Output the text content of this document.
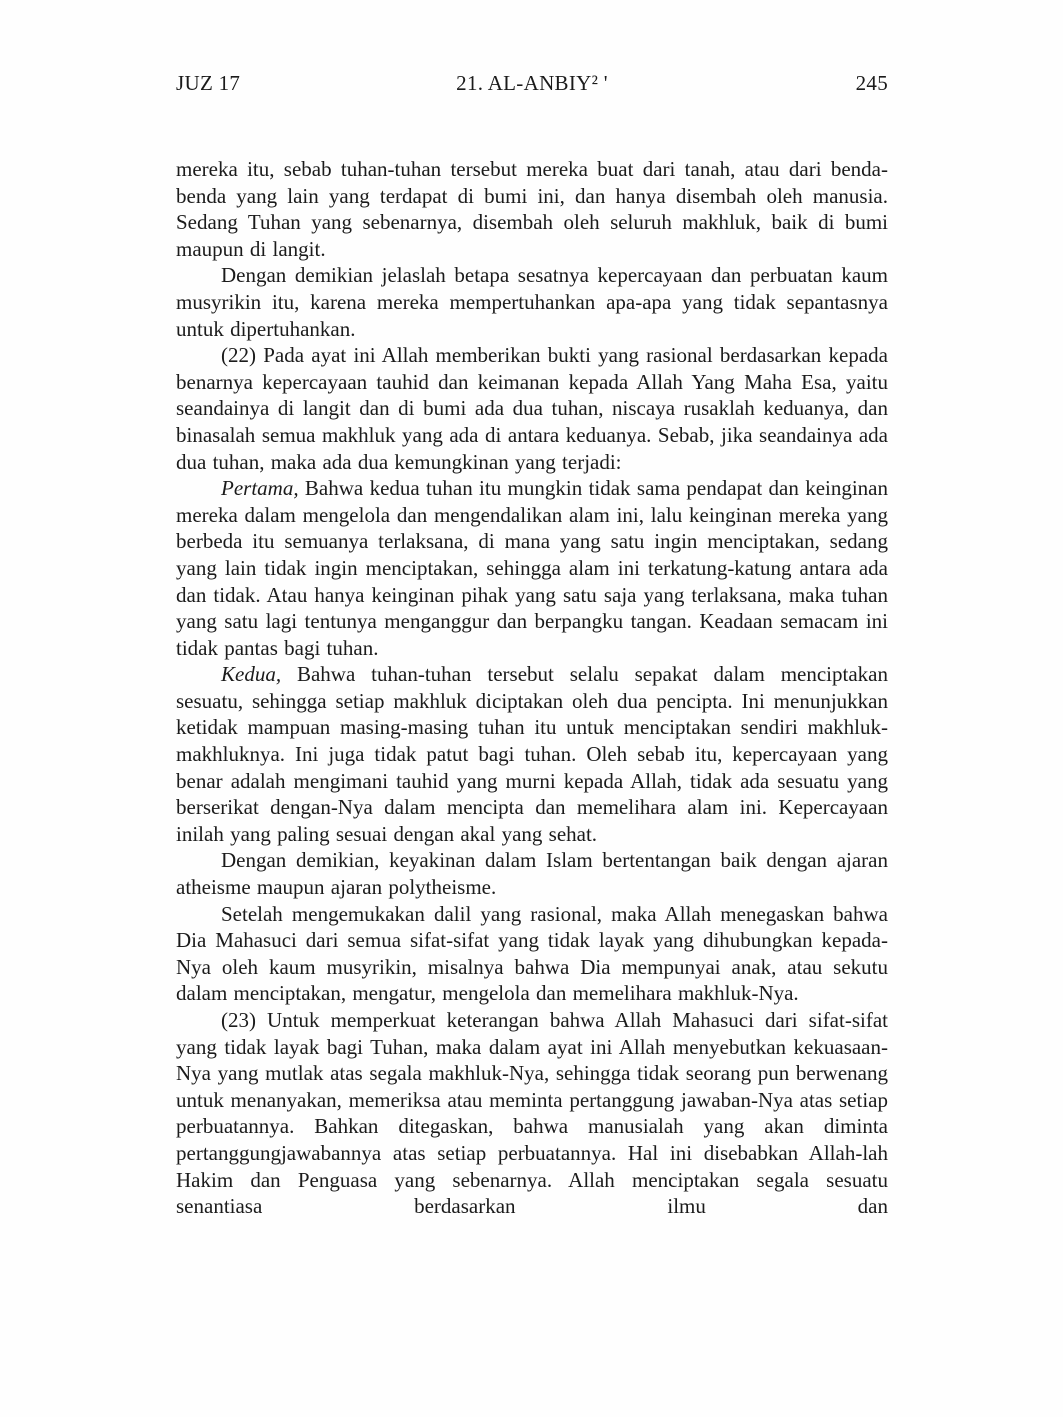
JUZ 17	21. AL-ANBIY² '	245

mereka itu, sebab tuhan-tuhan tersebut mereka buat dari tanah, atau dari benda-benda yang lain yang terdapat di bumi ini, dan hanya disembah oleh manusia. Sedang Tuhan yang sebenarnya, disembah oleh seluruh makhluk, baik di bumi maupun di langit.

Dengan demikian jelaslah betapa sesatnya kepercayaan dan perbuatan kaum musyrikin itu, karena mereka mempertuhankan apa-apa yang tidak sepantasnya untuk dipertuhankan.

(22) Pada ayat ini Allah memberikan bukti yang rasional berdasarkan kepada benarnya kepercayaan tauhid dan keimanan kepada Allah Yang Maha Esa, yaitu seandainya di langit dan di bumi ada dua tuhan, niscaya rusaklah keduanya, dan binasalah semua makhluk yang ada di antara keduanya. Sebab, jika seandainya ada dua tuhan, maka ada dua kemungkinan yang terjadi:

Pertama, Bahwa kedua tuhan itu mungkin tidak sama pendapat dan keinginan mereka dalam mengelola dan mengendalikan alam ini, lalu keinginan mereka yang berbeda itu semuanya terlaksana, di mana yang satu ingin menciptakan, sedang yang lain tidak ingin menciptakan, sehingga alam ini terkatung-katung antara ada dan tidak. Atau hanya keinginan pihak yang satu saja yang terlaksana, maka tuhan yang satu lagi tentunya menganggur dan berpangku tangan. Keadaan semacam ini tidak pantas bagi tuhan.

Kedua, Bahwa tuhan-tuhan tersebut selalu sepakat dalam menciptakan sesuatu, sehingga setiap makhluk diciptakan oleh dua pencipta. Ini menunjukkan ketidak mampuan masing-masing tuhan itu untuk menciptakan sendiri makhluk-makhluknya. Ini juga tidak patut bagi tuhan. Oleh sebab itu, kepercayaan yang benar adalah mengimani tauhid yang murni kepada Allah, tidak ada sesuatu yang berserikat dengan-Nya dalam mencipta dan memelihara alam ini. Kepercayaan inilah yang paling sesuai dengan akal yang sehat.

Dengan demikian, keyakinan dalam Islam bertentangan baik dengan ajaran atheisme maupun ajaran polytheisme.

Setelah mengemukakan dalil yang rasional, maka Allah menegaskan bahwa Dia Mahasuci dari semua sifat-sifat yang tidak layak yang dihubungkan kepada-Nya oleh kaum musyrikin, misalnya bahwa Dia mempunyai anak, atau sekutu dalam menciptakan, mengatur, mengelola dan memelihara makhluk-Nya.

(23) Untuk memperkuat keterangan bahwa Allah Mahasuci dari sifat-sifat yang tidak layak bagi Tuhan, maka dalam ayat ini Allah menyebutkan kekuasaan-Nya yang mutlak atas segala makhluk-Nya, sehingga tidak seorang pun berwenang untuk menanyakan, memeriksa atau meminta pertanggung jawaban-Nya atas setiap perbuatannya. Bahkan ditegaskan, bahwa manusialah yang akan diminta pertanggungjawabannya atas setiap perbuatannya. Hal ini disebabkan Allah-lah Hakim dan Penguasa yang sebenarnya. Allah menciptakan segala sesuatu senantiasa berdasarkan ilmu dan
